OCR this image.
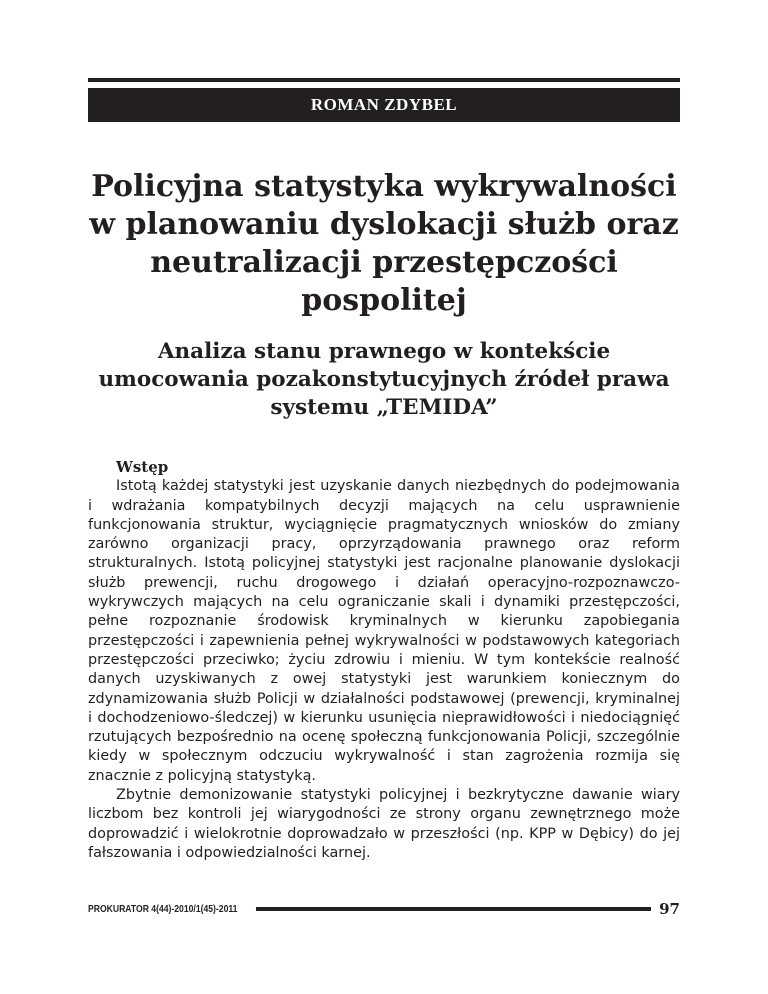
ROMAN ZDYBEL
Policyjna statystyka wykrywalności w planowaniu dyslokacji służb oraz neutralizacji przestępczości pospolitej
Analiza stanu prawnego w kontekście umocowania pozakonstytucyjnych źródeł prawa systemu „TEMIDA”
Wstęp

Istotą każdej statystyki jest uzyskanie danych niezbędnych do podejmowania i wdrażania kompatybilnych decyzji mających na celu usprawnienie funkcjonowania struktur, wyciągnięcie pragmatycznych wniosków do zmiany zarówno organizacji pracy, oprzyrządowania prawnego oraz reform strukturalnych. Istotą policyjnej statystyki jest racjonalne planowanie dyslokacji służb prewencji, ruchu drogowego i działań operacyjno-rozpoznawczo-wykrywczych mających na celu ograniczanie skali i dynamiki przestępczości, pełne rozpoznanie środowisk kryminalnych w kierunku zapobiegania przestępczości i zapewnienia pełnej wykrywalności w podstawowych kategoriach przestępczości przeciwko; życiu zdrowiu i mieniu. W tym kontekście realność danych uzyskiwanych z owej statystyki jest warunkiem koniecznym do zdynamizowania służb Policji w działalności podstawowej (prewencji, kryminalnej i dochodzeniowo-śledczej) w kierunku usunięcia nieprawidłowości i niedociągnięć rzutujących bezpośrednio na ocenę społeczną funkcjonowania Policji, szczególnie kiedy w społecznym odczuciu wykrywalność i stan zagrożenia rozmija się znacznie z policyjną statystyką.

Zbytnie demonizowanie statystyki policyjnej i bezkrytyczne dawanie wiary liczbom bez kontroli jej wiarygodności ze strony organu zewnętrznego może doprowadzić i wielokrotnie doprowadzało w przeszłości (np. KPP w Dębicy) do jej fałszowania i odpowiedzialności karnej.

PROKURATOR 4(44)-2010/1(45)-2011	97
